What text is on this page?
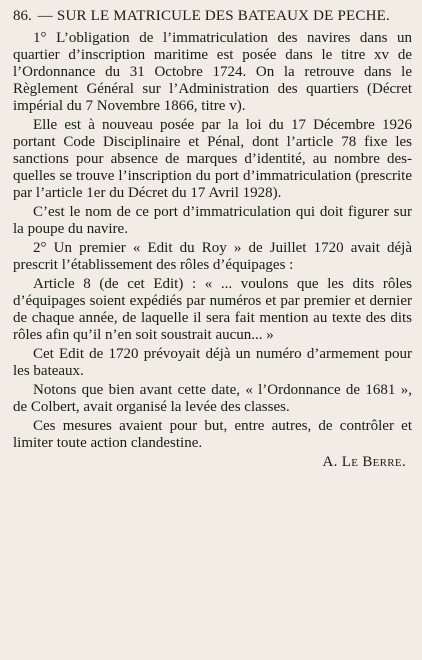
86. — SUR LE MATRICULE DES BATEAUX DE PECHE.

1° L’obligation de l’immatriculation des navires dans un quartier d’inscription maritime est posée dans le titre xv de l’Ordonnance du 31 Octobre 1724. On la retrouve dans le Règlement Général sur l’Administration des quartiers (Décret impérial du 7 Novembre 1866, titre v).

Elle est à nouveau posée par la loi du 17 Décembre 1926 portant Code Disciplinaire et Pénal, dont l’article 78 fixe les sanctions pour absence de marques d’identité, au nombre desquelles se trouve l’inscription du port d’immatriculation (prescrite par l’article 1er du Décret du 17 Avril 1928).

C’est le nom de ce port d’immatriculation qui doit figurer sur la poupe du navire.

2° Un premier « Edit du Roy » de Juillet 1720 avait déjà prescrit l’établissement des rôles d’équipages :

Article 8 (de cet Edit) : « ... voulons que les dits rôles d’équipages soient expédiés par numéros et par premier et dernier de chaque année, de laquelle il sera fait mention au texte des dits rôles afin qu’il n’en soit soustrait aucun... »

Cet Edit de 1720 prévoyait déjà un numéro d’armement pour les bateaux.

Notons que bien avant cette date, « l’Ordonnance de 1681 », de Colbert, avait organisé la levée des classes.

Ces mesures avaient pour but, entre autres, de contrôler et limiter toute action clandestine.

A. Le Berre.
